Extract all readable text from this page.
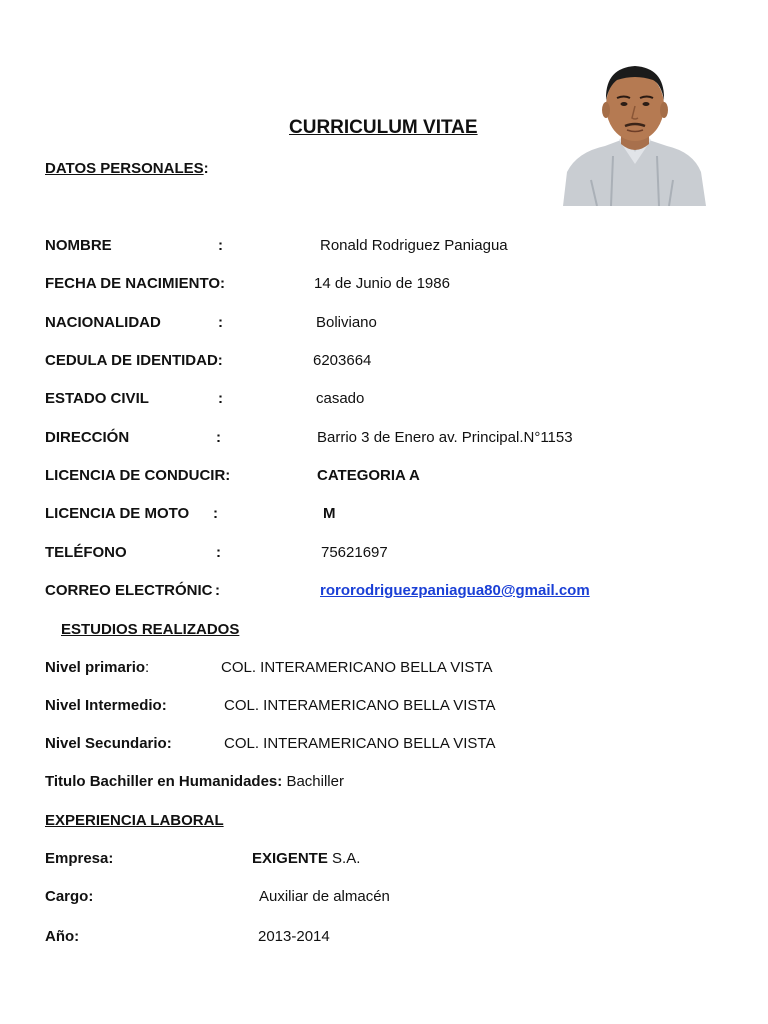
CURRICULUM VITAE
DATOS PERSONALES:
NOMBRE	:	Ronald Rodriguez Paniagua
FECHA DE NACIMIENTO:	14 de Junio de 1986
NACIONALIDAD	:	Boliviano
CEDULA DE IDENTIDAD:	6203664
ESTADO CIVIL	:	casado
DIRECCIÓN	:	Barrio 3 de Enero av. Principal.N°1153
LICENCIA DE CONDUCIR:	CATEGORIA A
LICENCIA DE MOTO :	M
TELÉFONO	:	75621697
CORREO ELECTRÓNIC :	rororodriguezpaniagua80@gmail.com
ESTUDIOS REALIZADOS
Nivel primario:	COL. INTERAMERICANO BELLA VISTA
Nivel Intermedio:	COL. INTERAMERICANO BELLA VISTA
Nivel Secundario:	COL. INTERAMERICANO BELLA VISTA
Titulo Bachiller en Humanidades: Bachiller
EXPERIENCIA LABORAL
Empresa:	EXIGENTE S.A.
Cargo:	Auxiliar de almacén
Año:	2013-2014
